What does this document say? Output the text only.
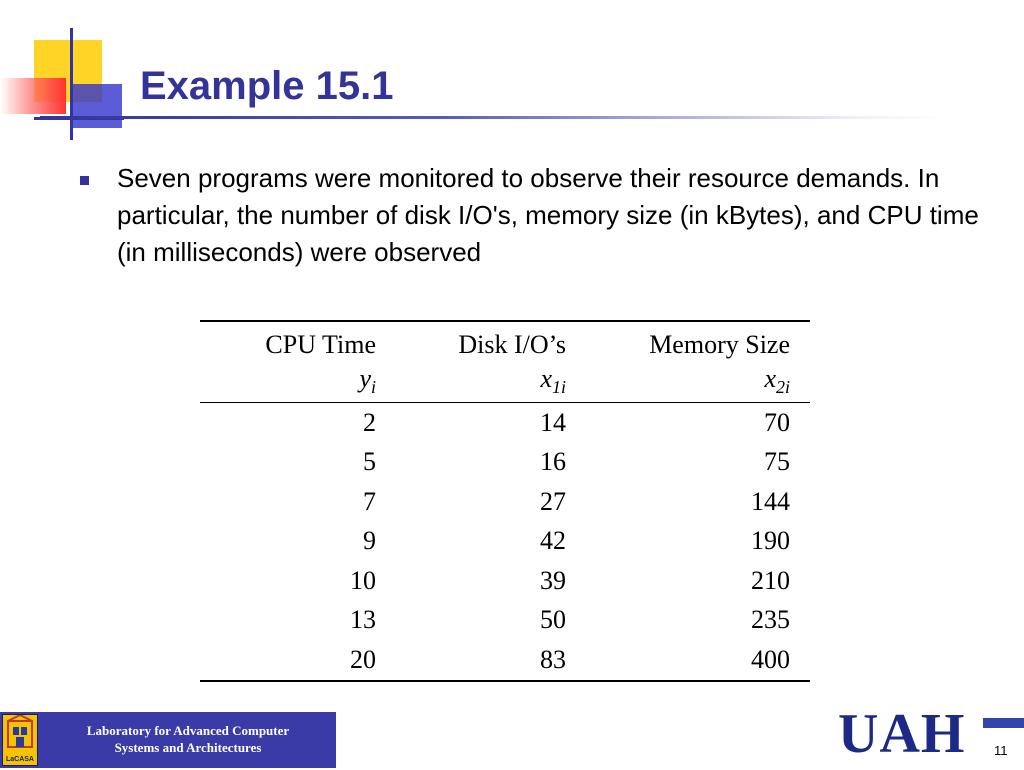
Example 15.1
Seven programs were monitored to observe their resource demands. In particular, the number of disk I/O's, memory size (in kBytes), and CPU time (in milliseconds) were observed
CPU Time	Disk I/O’s	Memory Size	
$y_i$	$x_{1i}$	$x_{2i}$	
2	14	70	
5	16	75	
7	27	144	
9	42	190	
10	39	210	
13	50	235	
20	83	400	
LaCASA
Laboratory for Advanced Computer
Systems and Architectures	UAH 11
